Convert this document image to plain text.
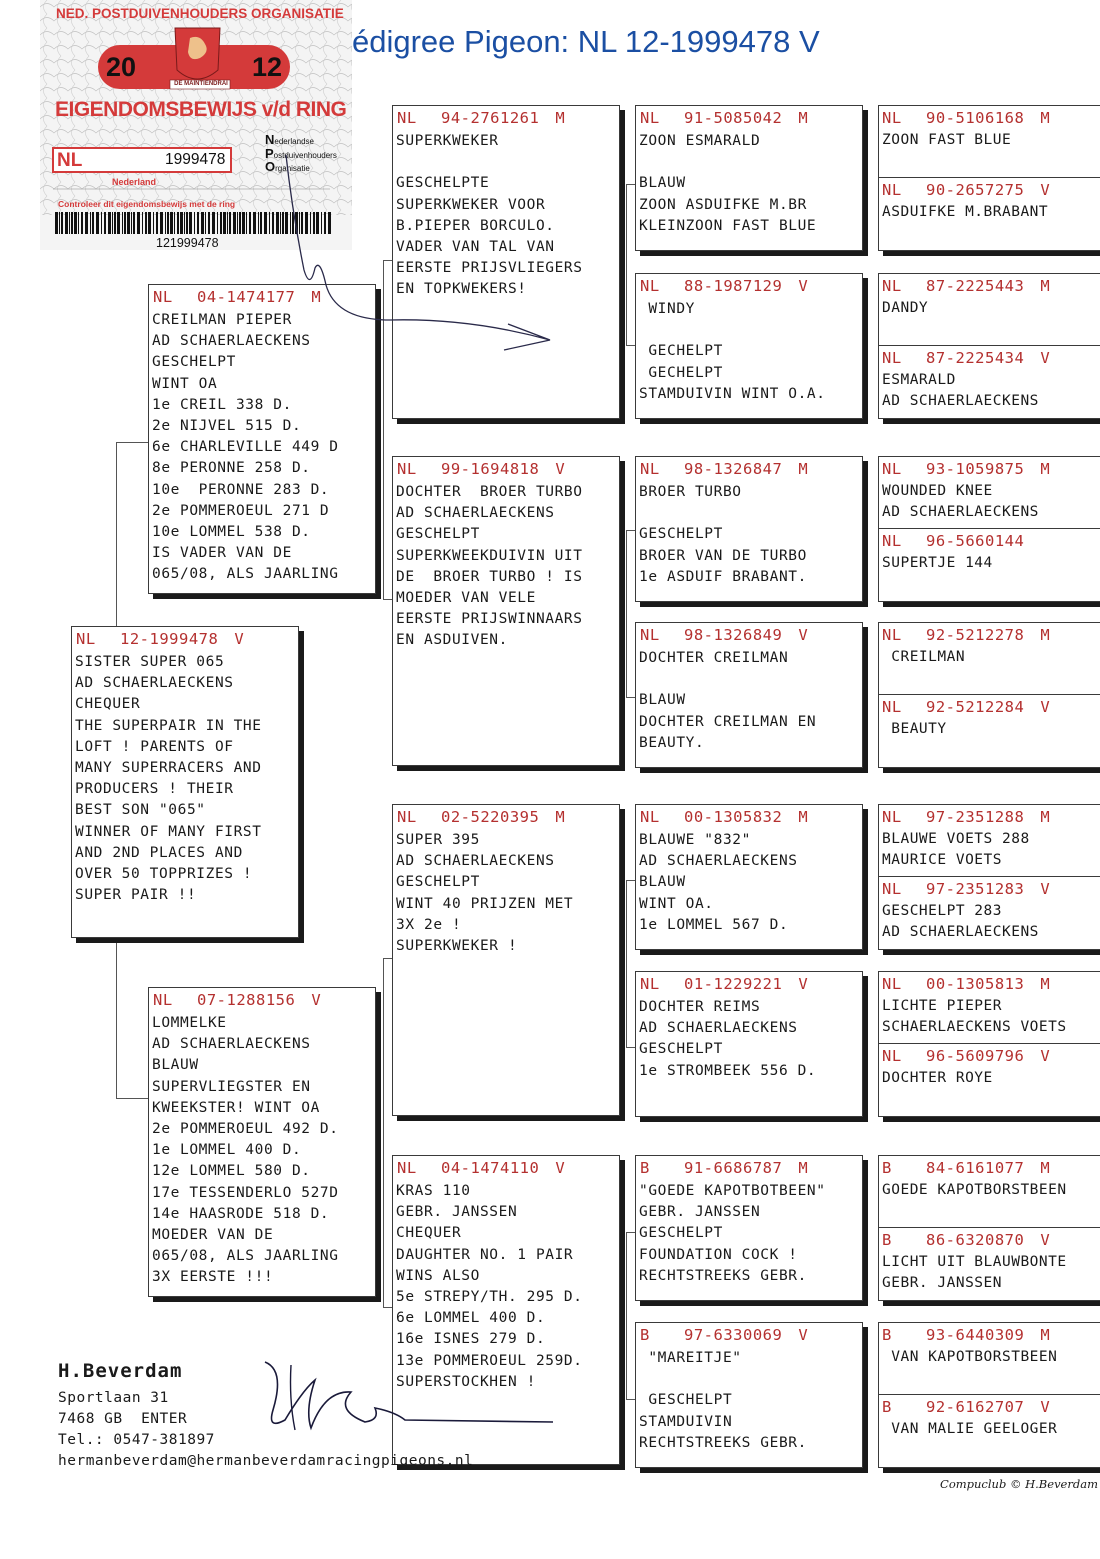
édigree Pigeon: NL 12-1999478 V
NED. POSTDUIVENHOUDERS ORGANISATIE
20	12
DE MAINTIENDRAI
EIGENDOMSBEWIJS v/d RING
NL	1999478
Nederlandse
Postduivenhouders
Organisatie
Nederland
Controleer dit eigendomsbewijs met de ring
121999478
NL	12-1999478 V
SISTER SUPER 065
AD SCHAERLAECKENS
CHEQUER
THE SUPERPAIR IN THE
LOFT ! PARENTS OF
MANY SUPERRACERS AND
PRODUCERS ! THEIR
BEST SON "065"
WINNER OF MANY FIRST
AND 2ND PLACES AND
OVER 50 TOPPRIZES !
SUPER PAIR !!
NL	04-1474177 M
CREILMAN PIEPER
AD SCHAERLAECKENS
GESCHELPT
WINT OA
1e CREIL 338 D.
2e NIJVEL 515 D.
6e CHARLEVILLE 449 D
8e PERONNE 258 D.
10e  PERONNE 283 D.
2e POMMEROEUL 271 D
10e LOMMEL 538 D.
IS VADER VAN DE
065/08, ALS JAARLING
NL	07-1288156 V
LOMMELKE
AD SCHAERLAECKENS
BLAUW
SUPERVLIEGSTER EN
KWEEKSTER! WINT OA
2e POMMEROEUL 492 D.
1e LOMMEL 400 D.
12e LOMMEL 580 D.
17e TESSENDERLO 527D
14e HAASRODE 518 D.
MOEDER VAN DE
065/08, ALS JAARLING
3X EERSTE !!!
NL	94-2761261 M
SUPERKWEKER
GESCHELPTE
SUPERKWEKER VOOR
B.PIEPER BORCULO.
VADER VAN TAL VAN
EERSTE PRIJSVLIEGERS
EN TOPKWEKERS!
NL	99-1694818 V
DOCHTER  BROER TURBO
AD SCHAERLAECKENS
GESCHELPT
SUPERKWEEKDUIVIN UIT
DE  BROER TURBO ! IS
MOEDER VAN VELE
EERSTE PRIJSWINNAARS
EN ASDUIVEN.
NL	02-5220395 M
SUPER 395
AD SCHAERLAECKENS
GESCHELPT
WINT 40 PRIJZEN MET
3X 2e !
SUPERKWEKER !
NL	04-1474110 V
KRAS 110
GEBR. JANSSEN
CHEQUER
DAUGHTER NO. 1 PAIR
WINS ALSO
5e STREPY/TH. 295 D.
6e LOMMEL 400 D.
16e ISNES 279 D.
13e POMMEROEUL 259D.
SUPERSTOCKHEN !
NL	91-5085042 M
ZOON ESMARALD
BLAUW
ZOON ASDUIFKE M.BR
KLEINZOON FAST BLUE
NL	88-1987129 V
WINDY
GECHELPT
GECHELPT
STAMDUIVIN WINT O.A.
NL	98-1326847 M
BROER TURBO
GESCHELPT
BROER VAN DE TURBO
1e ASDUIF BRABANT.
NL	98-1326849 V
DOCHTER CREILMAN
BLAUW
DOCHTER CREILMAN EN
BEAUTY.
NL	00-1305832 M
BLAUWE "832"
AD SCHAERLAECKENS
BLAUW
WINT OA.
1e LOMMEL 567 D.
NL	01-1229221 V
DOCHTER REIMS
AD SCHAERLAECKENS
GESCHELPT
1e STROMBEEK 556 D.
B	91-6686787 M
"GOEDE KAPOTBOTBEEN"
GEBR. JANSSEN
GESCHELPT
FOUNDATION COCK !
RECHTSTREEKS GEBR.
B	97-6330069 V
"MAREITJE"
GESCHELPT
STAMDUIVIN
RECHTSTREEKS GEBR.
NL	90-5106168 M
ZOON FAST BLUE
NL	90-2657275 V
ASDUIFKE M.BRABANT
NL	87-2225443 M
DANDY
NL	87-2225434 V
ESMARALD
AD SCHAERLAECKENS
NL	93-1059875 M
WOUNDED KNEE
AD SCHAERLAECKENS
NL	96-5660144
SUPERTJE 144
NL	92-5212278 M
CREILMAN
NL	92-5212284 V
BEAUTY
NL	97-2351288 M
BLAUWE VOETS 288
MAURICE VOETS
NL	97-2351283 V
GESCHELPT 283
AD SCHAERLAECKENS
NL	00-1305813 M
LICHTE PIEPER
SCHAERLAECKENS VOETS
NL	96-5609796 V
DOCHTER ROYE
B	84-6161077 M
GOEDE KAPOTBORSTBEEN
B	86-6320870 V
LICHT UIT BLAUWBONTE
GEBR. JANSSEN
B	93-6440309 M
VAN KAPOTBORSTBEEN
B	92-6162707 V
VAN MALIE GEELOGER
H.Beverdam
Sportlaan 31
7468 GB  ENTER
Tel.: 0547-381897
hermanbeverdam@hermanbeverdamracingpigeons.nl
Compuclub © H.Beverdam
